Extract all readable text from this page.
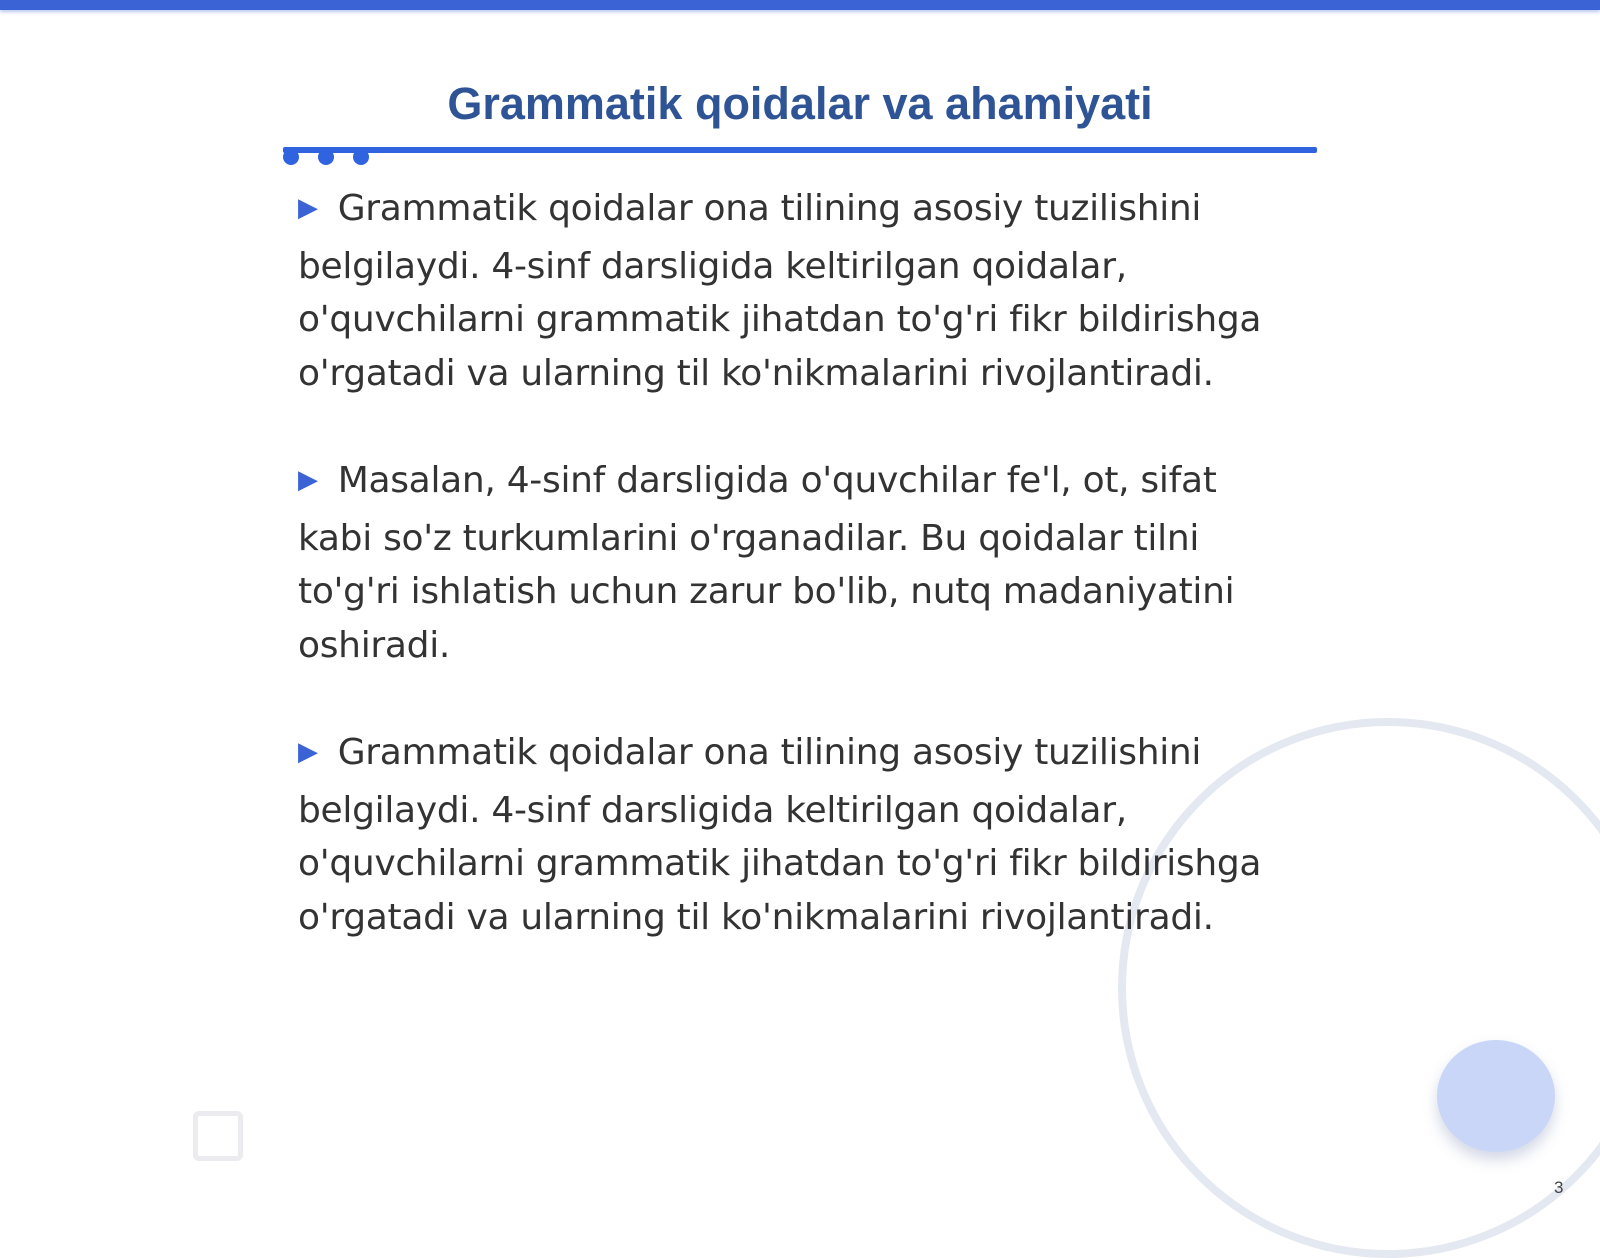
Grammatik qoidalar va ahamiyati

▶ Grammatik qoidalar ona tilining asosiy tuzilishini belgilaydi. 4-sinf darsligida keltirilgan qoidalar, o'quvchilarni grammatik jihatdan to'g'ri fikr bildirishga o'rgatadi va ularning til ko'nikmalarini rivojlantiradi.

▶ Masalan, 4-sinf darsligida o'quvchilar fe'l, ot, sifat kabi so'z turkumlarini o'rganadilar. Bu qoidalar tilni to'g'ri ishlatish uchun zarur bo'lib, nutq madaniyatini oshiradi.

▶ Grammatik qoidalar ona tilining asosiy tuzilishini belgilaydi. 4-sinf darsligida keltirilgan qoidalar, o'quvchilarni grammatik jihatdan to'g'ri fikr bildirishga o'rgatadi va ularning til ko'nikmalarini rivojlantiradi.

3
